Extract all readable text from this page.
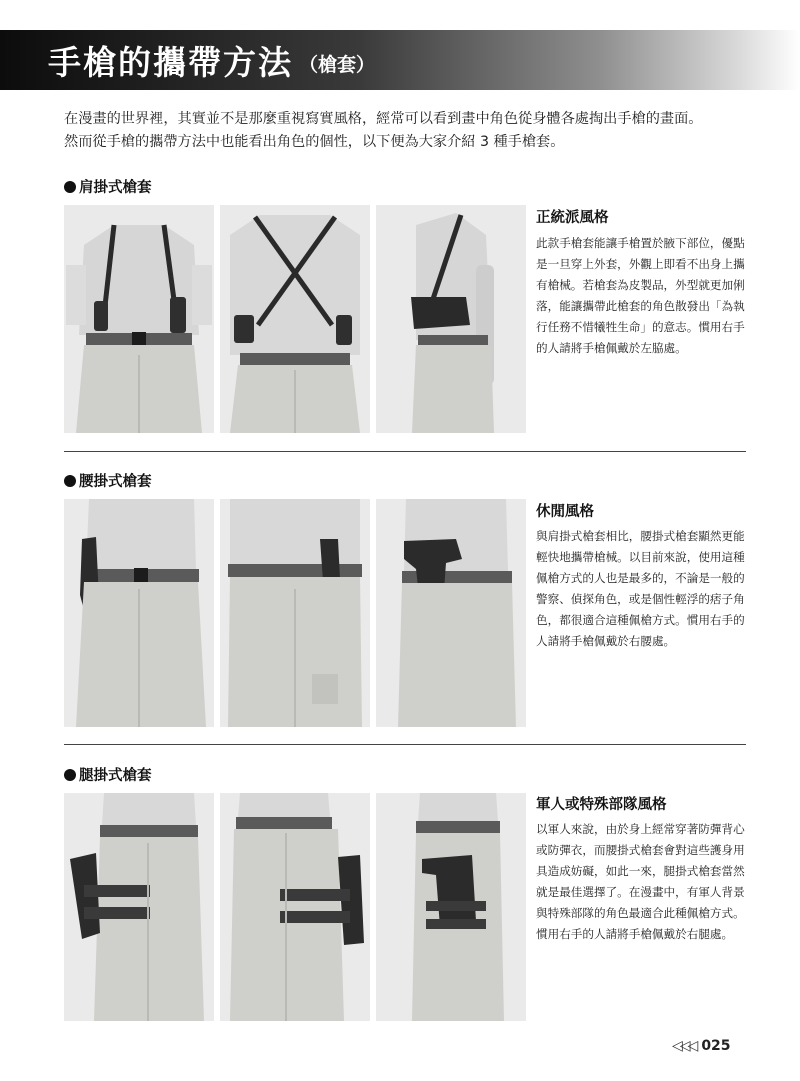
手槍的攜帶方法 （槍套）

在漫畫的世界裡，其實並不是那麼重視寫實風格，經常可以看到畫中角色從身體各處掏出手槍的畫面。

然而從手槍的攜帶方法中也能看出角色的個性，以下便為大家介紹 3 種手槍套。

肩掛式槍套
正統派風格

此款手槍套能讓手槍置於腋下部位，優點是一旦穿上外套，外觀上即看不出身上攜有槍械。若槍套為皮製品，外型就更加俐落，能讓攜帶此槍套的角色散發出「為執行任務不惜犧牲生命」的意志。慣用右手的人請將手槍佩戴於左脇處。

腰掛式槍套
休閒風格

與肩掛式槍套相比，腰掛式槍套顯然更能輕快地攜帶槍械。以目前來說，使用這種佩槍方式的人也是最多的，不論是一般的警察、偵探角色，或是個性輕浮的痞子角色，都很適合這種佩槍方式。慣用右手的人請將手槍佩戴於右腰處。

腿掛式槍套
軍人或特殊部隊風格

以軍人來說，由於身上經常穿著防彈背心或防彈衣，而腰掛式槍套會對這些護身用具造成妨礙，如此一來，腿掛式槍套當然就是最佳選擇了。在漫畫中，有軍人背景與特殊部隊的角色最適合此種佩槍方式。慣用右手的人請將手槍佩戴於右腿處。

◁◁◁ 025
